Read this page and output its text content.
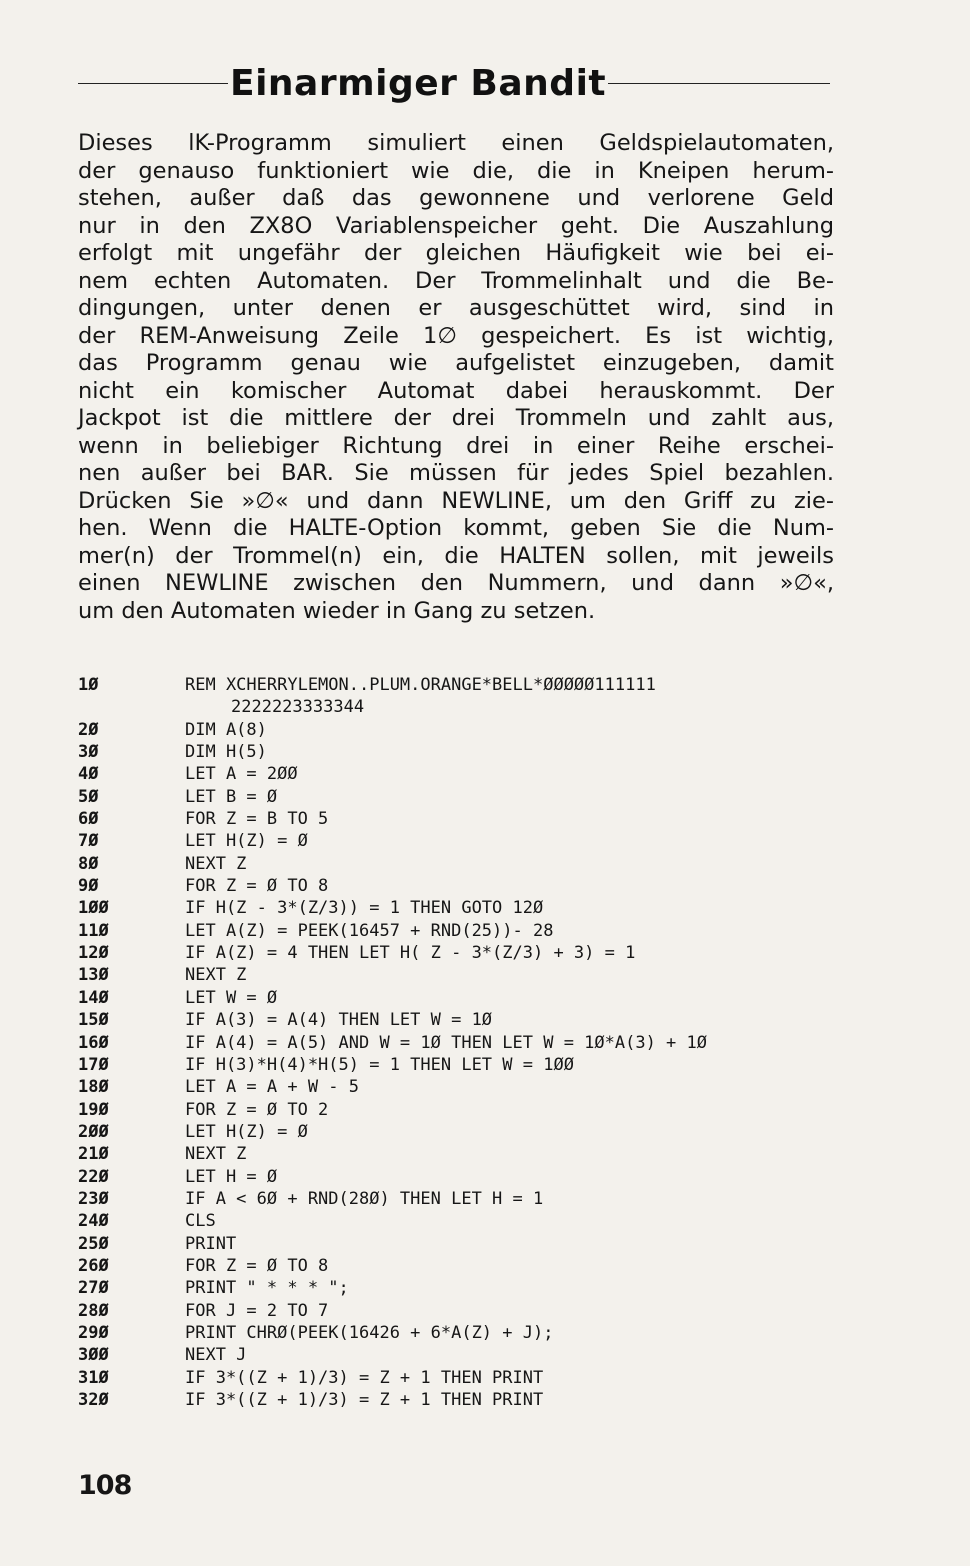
Einarmiger Bandit
Dieses lK-Programm simuliert einen Geldspielautomaten,
der genauso funktioniert wie die, die in Kneipen herum-
stehen, außer daß das gewonnene und verlorene Geld
nur in den ZX8O Variablenspeicher geht. Die Auszahlung
erfolgt mit ungefähr der gleichen Häufigkeit wie bei ei-
nem echten Automaten. Der Trommelinhalt und die Be-
dingungen, unter denen er ausgeschüttet wird, sind in
der REM-Anweisung Zeile 1∅ gespeichert. Es ist wichtig,
das Programm genau wie aufgelistet einzugeben, damit
nicht ein komischer Automat dabei herauskommt. Der
Jackpot ist die mittlere der drei Trommeln und zahlt aus,
wenn in beliebiger Richtung drei in einer Reihe erschei-
nen außer bei BAR. Sie müssen für jedes Spiel bezahlen.
Drücken Sie »∅« und dann NEWLINE, um den Griff zu zie-
hen. Wenn die HALTE-Option kommt, geben Sie die Num-
mer(n) der Trommel(n) ein, die HALTEN sollen, mit jeweils
einen NEWLINE zwischen den Nummern, und dann »∅«,
um den Automaten wieder in Gang zu setzen.
1Ø	REM XCHERRYLEMON..PLUM.ORANGE*BELL*ØØØØØ111111
2222223333344
2Ø	DIM A(8)
3Ø	DIM H(5)
4Ø	LET A = 2ØØ
5Ø	LET B = Ø
6Ø	FOR Z = B TO 5
7Ø	LET H(Z) = Ø
8Ø	NEXT Z
9Ø	FOR Z = Ø TO 8
1ØØ	IF H(Z - 3*(Z/3)) = 1 THEN GOTO 12Ø
11Ø	LET A(Z) = PEEK(16457 + RND(25))- 28
12Ø	IF A(Z) = 4 THEN LET H( Z - 3*(Z/3) + 3) = 1
13Ø	NEXT Z
14Ø	LET W = Ø
15Ø	IF A(3) = A(4) THEN LET W = 1Ø
16Ø	IF A(4) = A(5) AND W = 1Ø THEN LET W = 1Ø*A(3) + 1Ø
17Ø	IF H(3)*H(4)*H(5) = 1 THEN LET W = 1ØØ
18Ø	LET A = A + W - 5
19Ø	FOR Z = Ø TO 2
2ØØ	LET H(Z) = Ø
21Ø	NEXT Z
22Ø	LET H = Ø
23Ø	IF A < 6Ø + RND(28Ø) THEN LET H = 1
24Ø	CLS
25Ø	PRINT
26Ø	FOR Z = Ø TO 8
27Ø	PRINT " * * * ";
28Ø	FOR J = 2 TO 7
29Ø	PRINT CHRØ(PEEK(16426 + 6*A(Z) + J);
3ØØ	NEXT J
31Ø	IF 3*((Z + 1)/3) = Z + 1 THEN PRINT
32Ø	IF 3*((Z + 1)/3) = Z + 1 THEN PRINT
108
